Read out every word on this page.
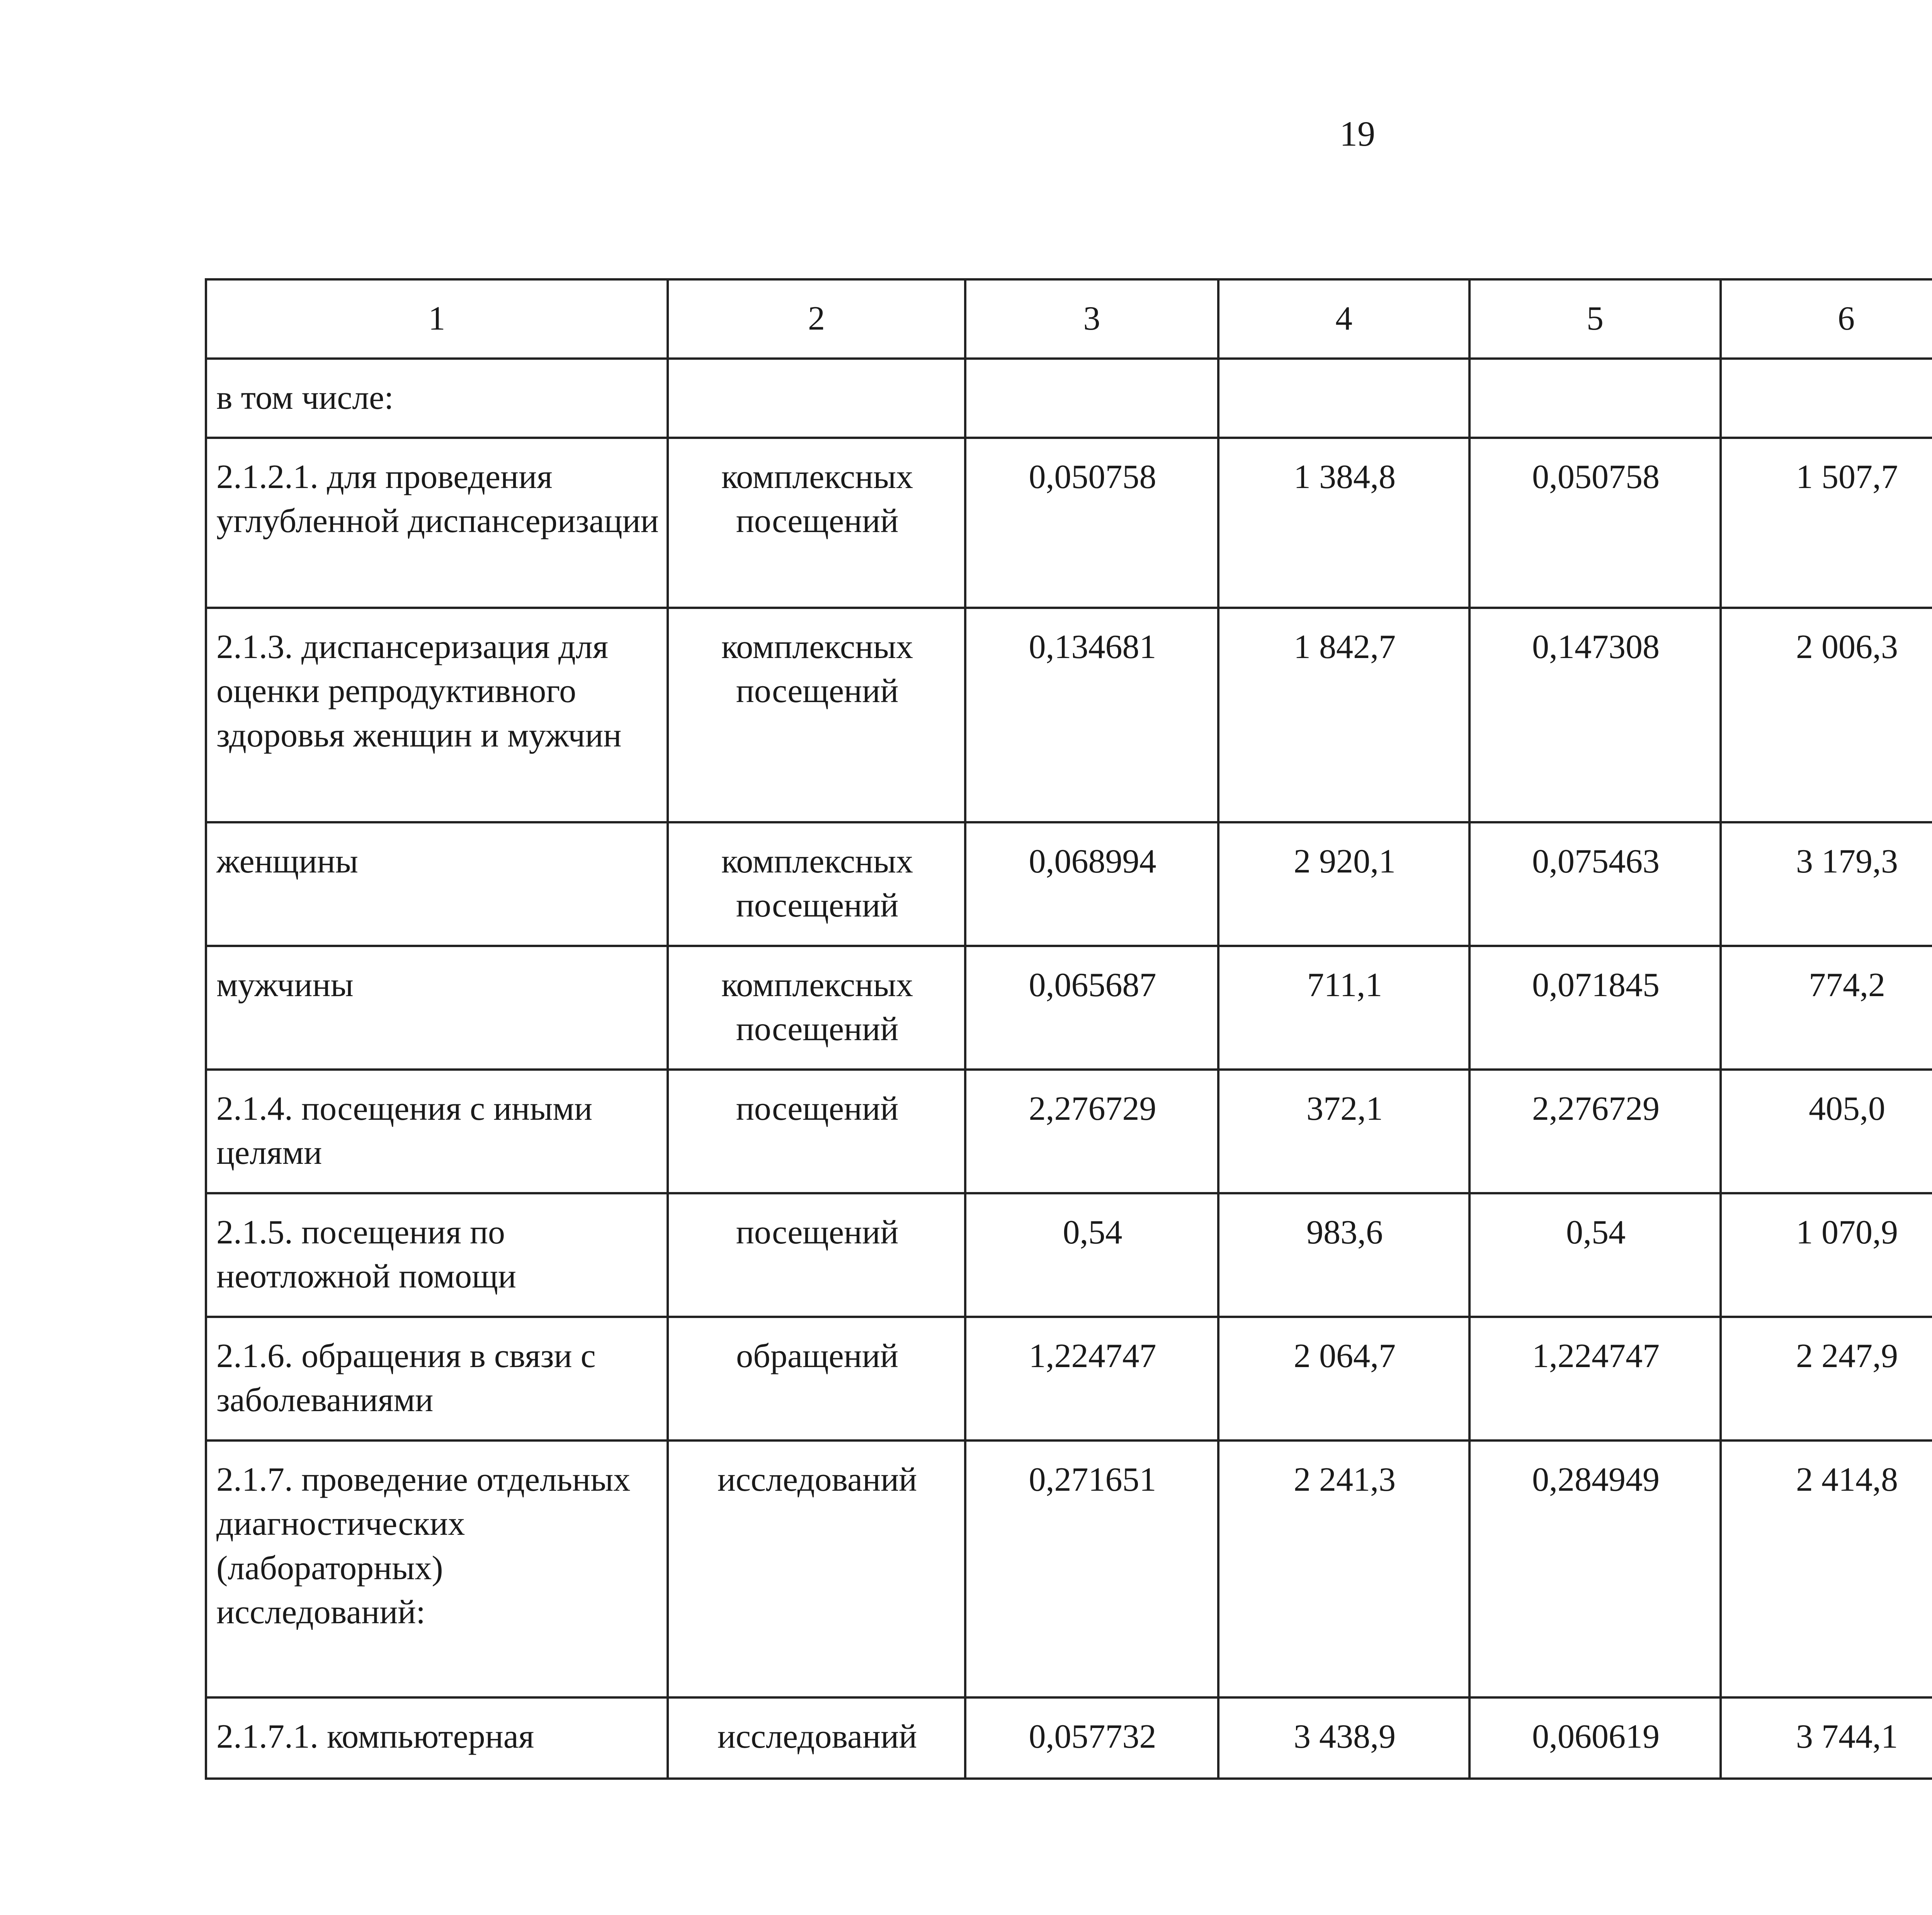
19
1	2	3	4	5	6		
в том числе:							
2.1.2.1. для проведения углубленной диспансеризации	комплексных посещений	0,050758	1 384,8	0,050758	1 507,7		
2.1.3. диспансеризация для оценки репродуктивного здоровья женщин и мужчин	комплексных посещений	0,134681	1 842,7	0,147308	2 006,3		
женщины	комплексных посещений	0,068994	2 920,1	0,075463	3 179,3		
мужчины	комплексных посещений	0,065687	711,1	0,071845	774,2		
2.1.4. посещения с иными целями	посещений	2,276729	372,1	2,276729	405,0		
2.1.5. посещения по неотложной помощи	посещений	0,54	983,6	0,54	1 070,9		
2.1.6. обращения в связи с заболеваниями	обращений	1,224747	2 064,7	1,224747	2 247,9		
2.1.7. проведение отдельных диагностических (лабораторных) исследований:	исследований	0,271651	2 241,3	0,284949	2 414,8		
2.1.7.1. компьютерная	исследований	0,057732	3 438,9	0,060619	3 744,1		
